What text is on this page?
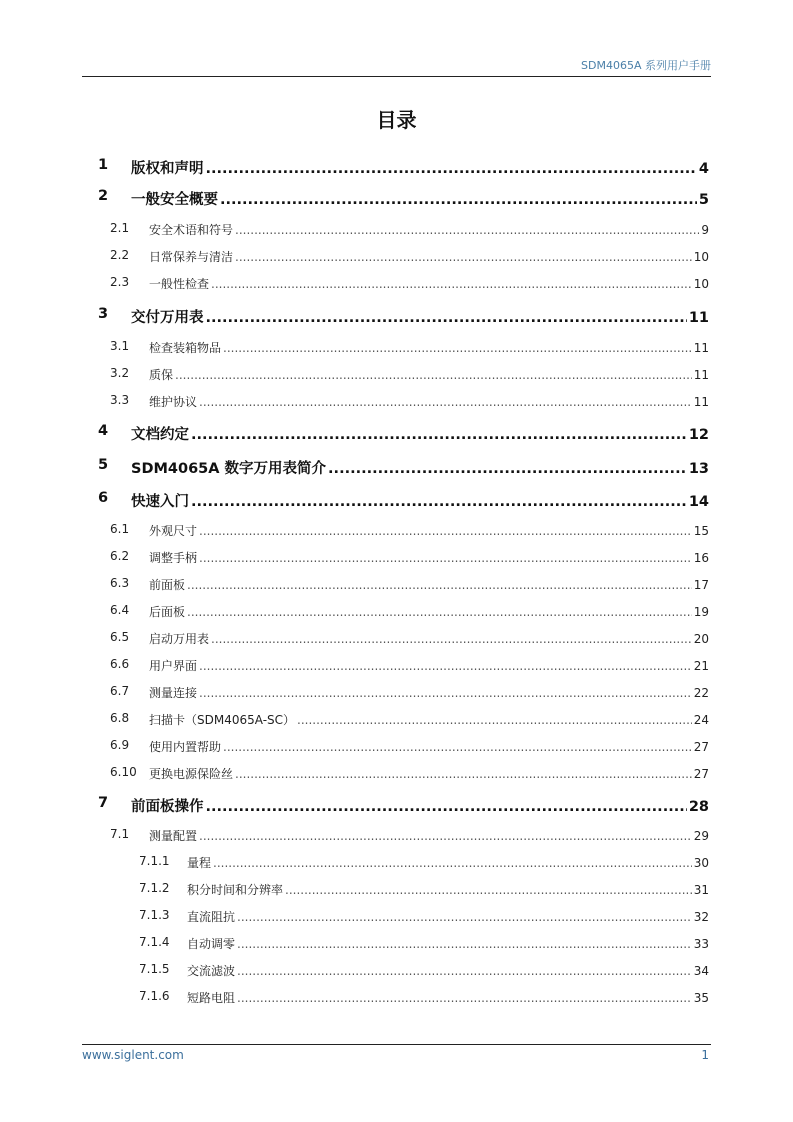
SDM4065A 系列用户手册
目录
1 版权和声明 .....	4
2 一般安全概要 .....	5
2.1 安全术语和符号 .....	9
2.2 日常保养与清洁 .....	10
2.3 一般性检查 .....	10
3 交付万用表 .....	11
3.1 检查装箱物品 .....	11
3.2 质保 .....	11
3.3 维护协议 .....	11
4 文档约定 .....	12
5 SDM4065A 数字万用表简介 .....	13
6 快速入门 .....	14
6.1 外观尺寸 .....	15
6.2 调整手柄 .....	16
6.3 前面板 .....	17
6.4 后面板 .....	19
6.5 启动万用表 .....	20
6.6 用户界面 .....	21
6.7 测量连接 .....	22
6.8 扫描卡（SDM4065A-SC） .....	24
6.9 使用内置帮助 .....	27
6.10 更换电源保险丝 .....	27
7 前面板操作 .....	28
7.1 测量配置 .....	29
7.1.1 量程 .....	30
7.1.2 积分时间和分辨率 .....	31
7.1.3 直流阻抗 .....	32
7.1.4 自动调零 .....	33
7.1.5 交流滤波 .....	34
7.1.6 短路电阻 .....	35
www.siglent.com	1
